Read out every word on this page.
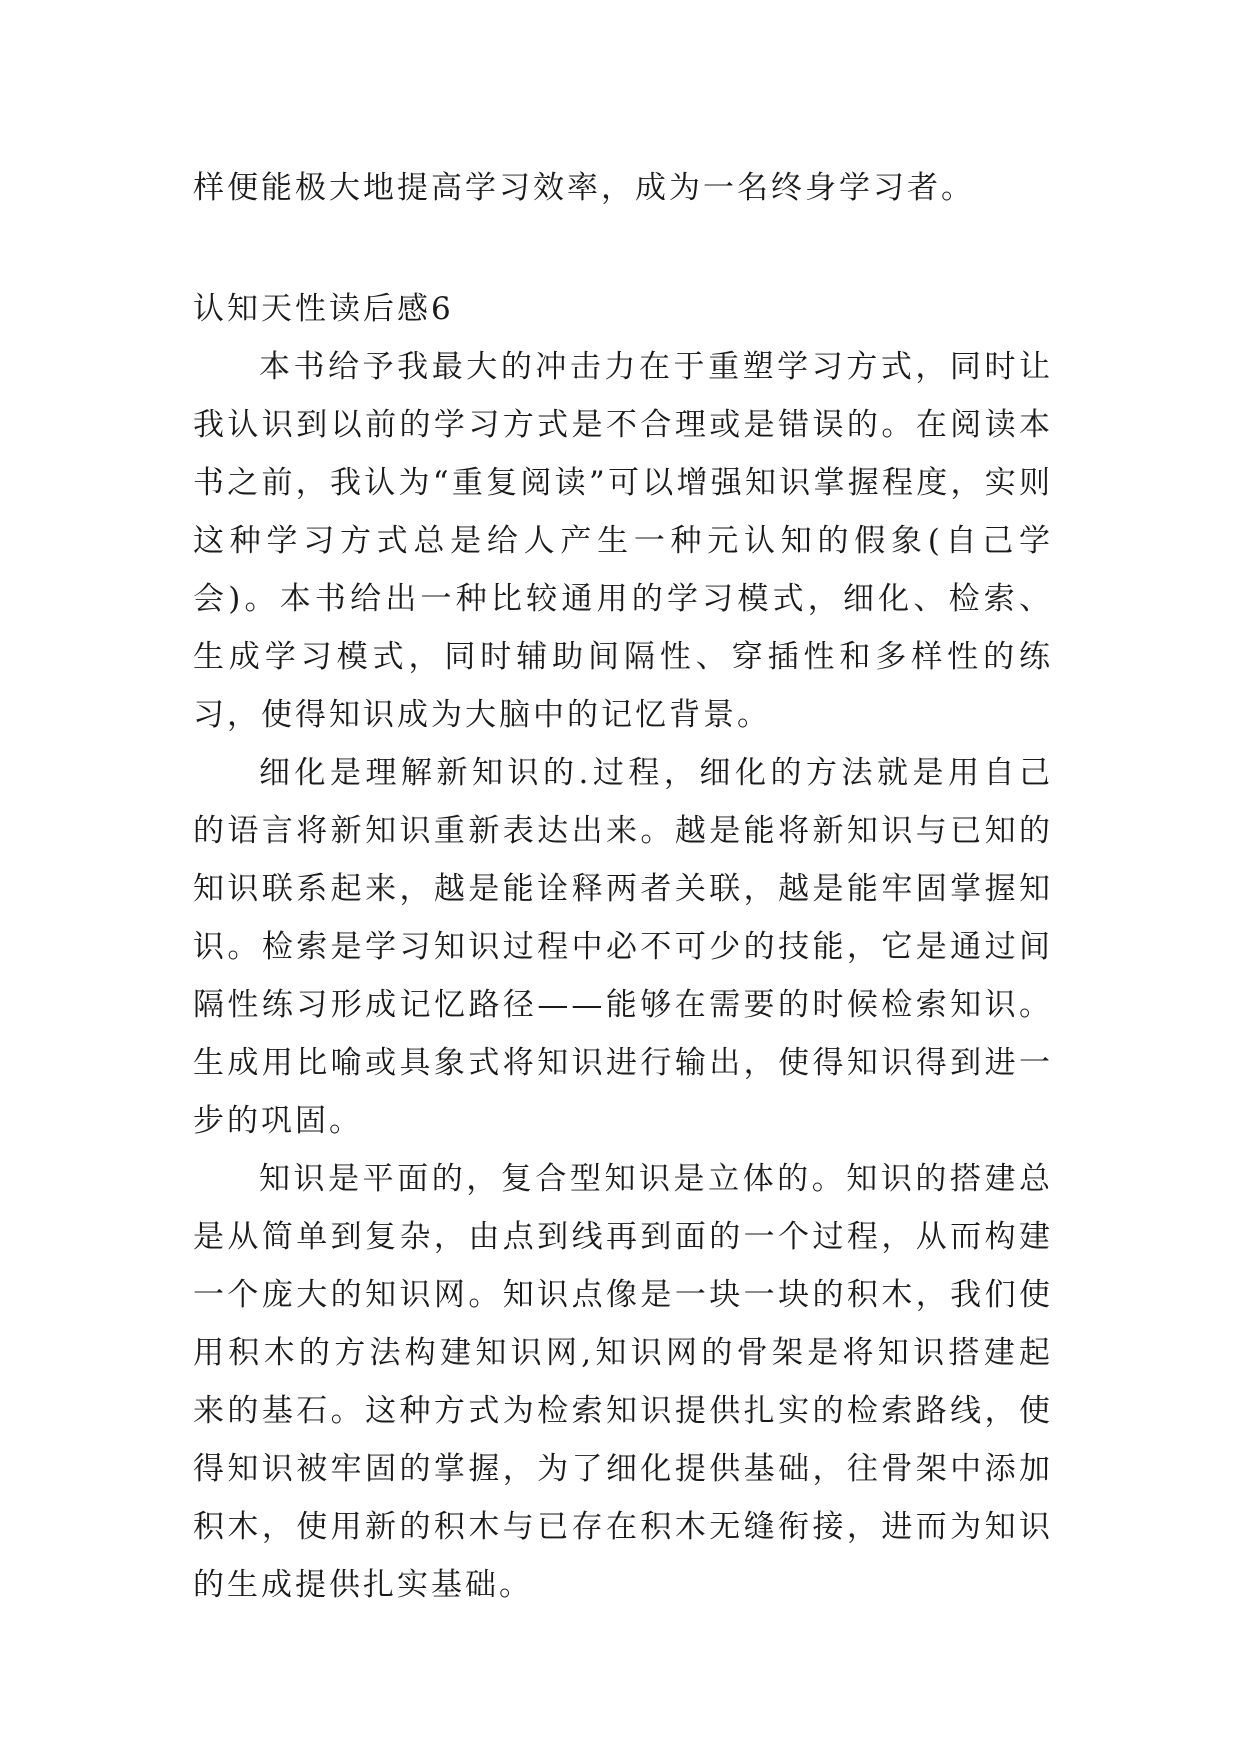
样便能极大地提高学习效率，成为一名终身学习者。

认知天性读后感6

本书给予我最大的冲击力在于重塑学习方式，同时让我认识到以前的学习方式是不合理或是错误的。在阅读本书之前，我认为“重复阅读”可以增强知识掌握程度，实则这种学习方式总是给人产生一种元认知的假象(自己学会)。本书给出一种比较通用的学习模式，细化、检索、生成学习模式，同时辅助间隔性、穿插性和多样性的练习，使得知识成为大脑中的记忆背景。

细化是理解新知识的.过程，细化的方法就是用自己的语言将新知识重新表达出来。越是能将新知识与已知的知识联系起来，越是能诠释两者关联，越是能牢固掌握知识。检索是学习知识过程中必不可少的技能，它是通过间隔性练习形成记忆路径——能够在需要的时候检索知识。生成用比喻或具象式将知识进行输出，使得知识得到进一步的巩固。

知识是平面的，复合型知识是立体的。知识的搭建总是从简单到复杂，由点到线再到面的一个过程，从而构建一个庞大的知识网。知识点像是一块一块的积木，我们使用积木的方法构建知识网,知识网的骨架是将知识搭建起来的基石。这种方式为检索知识提供扎实的检索路线，使得知识被牢固的掌握，为了细化提供基础，往骨架中添加积木，使用新的积木与已存在积木无缝衔接，进而为知识的生成提供扎实基础。
